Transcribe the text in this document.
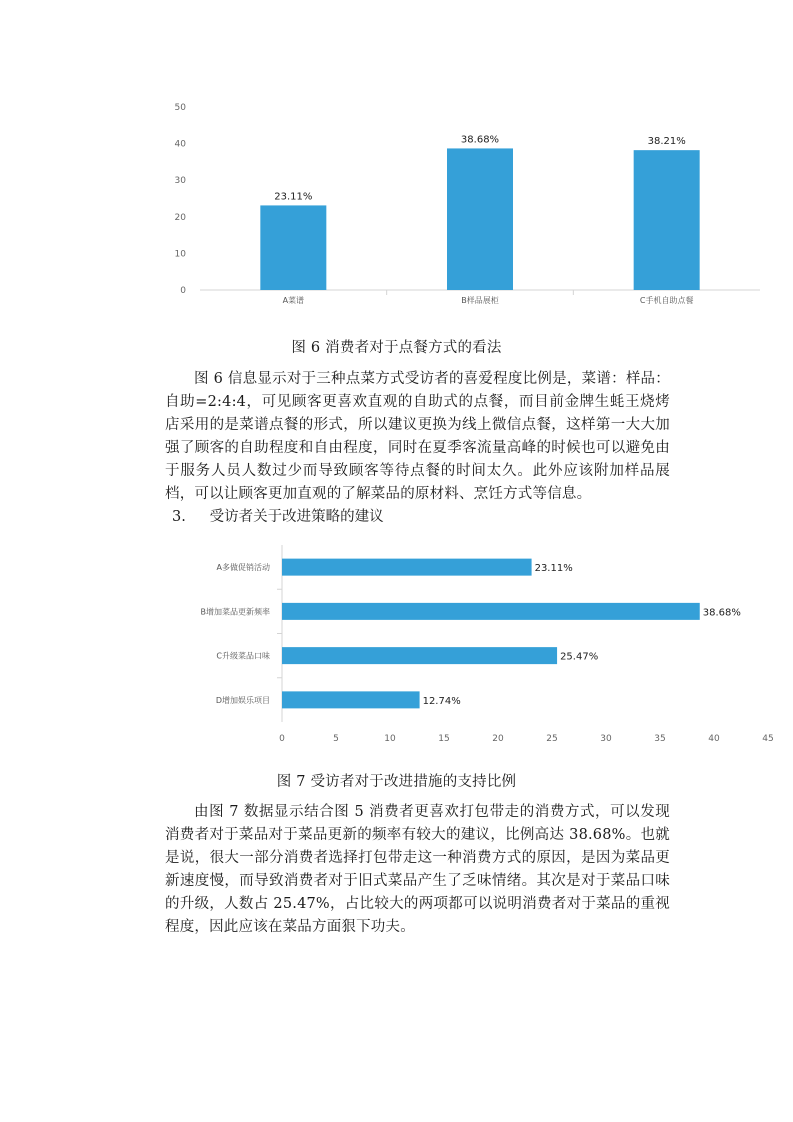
0
10
20
30
40
50
23.11%
A菜谱
38.68%
B样品展柜
38.21%
C手机自助点餐
图 6 消费者对于点餐方式的看法

图 6 信息显示对于三种点菜方式受访者的喜爱程度比例是，菜谱：样品：自助=2:4:4，可见顾客更喜欢直观的自助式的点餐，而目前金牌生蚝王烧烤店采用的是菜谱点餐的形式，所以建议更换为线上微信点餐，这样第一大大加强了顾客的自助程度和自由程度，同时在夏季客流量高峰的时候也可以避免由于服务人员人数过少而导致顾客等待点餐的时间太久。此外应该附加样品展档，可以让顾客更加直观的了解菜品的原材料、烹饪方式等信息。

3. 受访者关于改进策略的建议
23.11%
A多做促销活动
38.68%
B增加菜品更新频率
25.47%
C升级菜品口味
12.74%
D增加娱乐项目
0	5	10	15	20	25	30	35	40	45
图 7 受访者对于改进措施的支持比例

由图 7 数据显示结合图 5 消费者更喜欢打包带走的消费方式，可以发现消费者对于菜品对于菜品更新的频率有较大的建议，比例高达 38.68%。也就是说，很大一部分消费者选择打包带走这一种消费方式的原因，是因为菜品更新速度慢，而导致消费者对于旧式菜品产生了乏味情绪。其次是对于菜品口味的升级，人数占 25.47%，占比较大的两项都可以说明消费者对于菜品的重视程度，因此应该在菜品方面狠下功夫。
